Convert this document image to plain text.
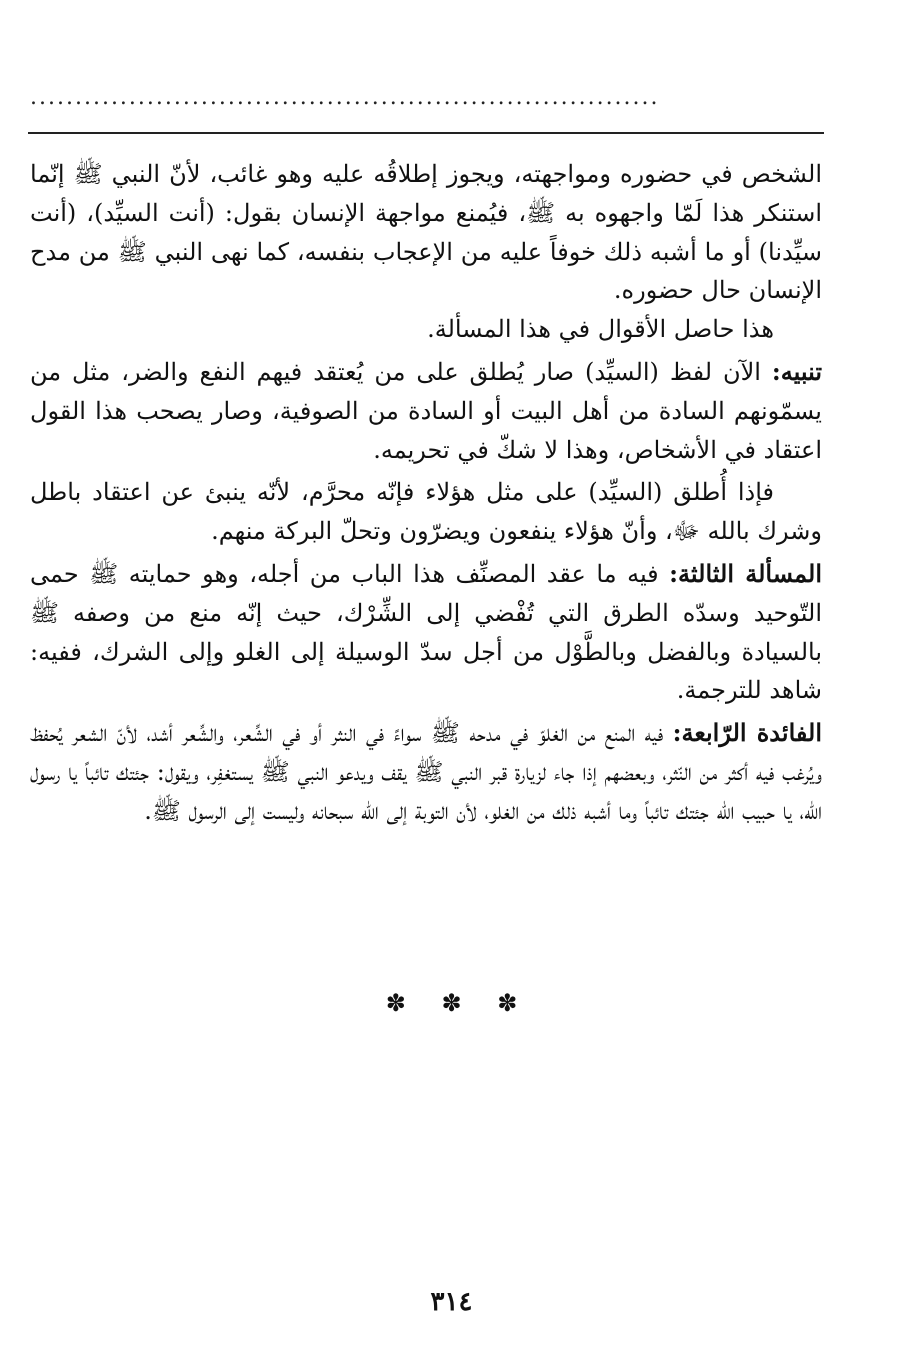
......................................................................

الشخص في حضوره ومواجهته، ويجوز إطلاقُه عليه وهو غائب، لأنّ النبي ﷺ إنّما استنكر هذا لَمّا واجهوه به ﷺ، فيُمنع مواجهة الإنسان بقول: (أنت السيِّد)، (أنت سيِّدنا) أو ما أشبه ذلك خوفاً عليه من الإعجاب بنفسه، كما نهى النبي ﷺ من مدح الإنسان حال حضوره.

هذا حاصل الأقوال في هذا المسألة.

تنبيه: الآن لفظ (السيِّد) صار يُطلق على من يُعتقد فيهم النفع والضر، مثل من يسمّونهم السادة من أهل البيت أو السادة من الصوفية، وصار يصحب هذا القول اعتقاد في الأشخاص، وهذا لا شكّ في تحريمه.

فإذا أُطلق (السيِّد) على مثل هؤلاء فإنّه محرَّم، لأنّه ينبئ عن اعتقاد باطل وشرك بالله ﷻ، وأنّ هؤلاء ينفعون ويضرّون وتحلّ البركة منهم.

المسألة الثالثة: فيه ما عقد المصنِّف هذا الباب من أجله، وهو حمايته ﷺ حمى التّوحيد وسدّه الطرق التي تُفْضي إلى الشِّرْك، حيث إنّه منع من وصفه ﷺ بالسيادة وبالفضل وبالطَّوْل من أجل سدّ الوسيلة إلى الغلو وإلى الشرك، ففيه: شاهد للترجمة.

الفائدة الرّابعة: فيه المنع من الغلوّ في مدحه ﷺ سواءً في النثر أو في الشِّعر، والشِّعر أشد، لأنّ الشعر يُحفظ ويُرغب فيه أكثر من النّثر، وبعضهم إذا جاء لزيارة قبر النبي ﷺ يقف ويدعو النبي ﷺ يستغفِر، ويقول: جئتك تائباً يا رسول الله، يا حبيب الله جئتك تائباً وما أشبه ذلك من الغلو، لأن التوبة إلى الله سبحانه وليست إلى الرسول ﷺ.

✽ ✽ ✽
٣١٤
